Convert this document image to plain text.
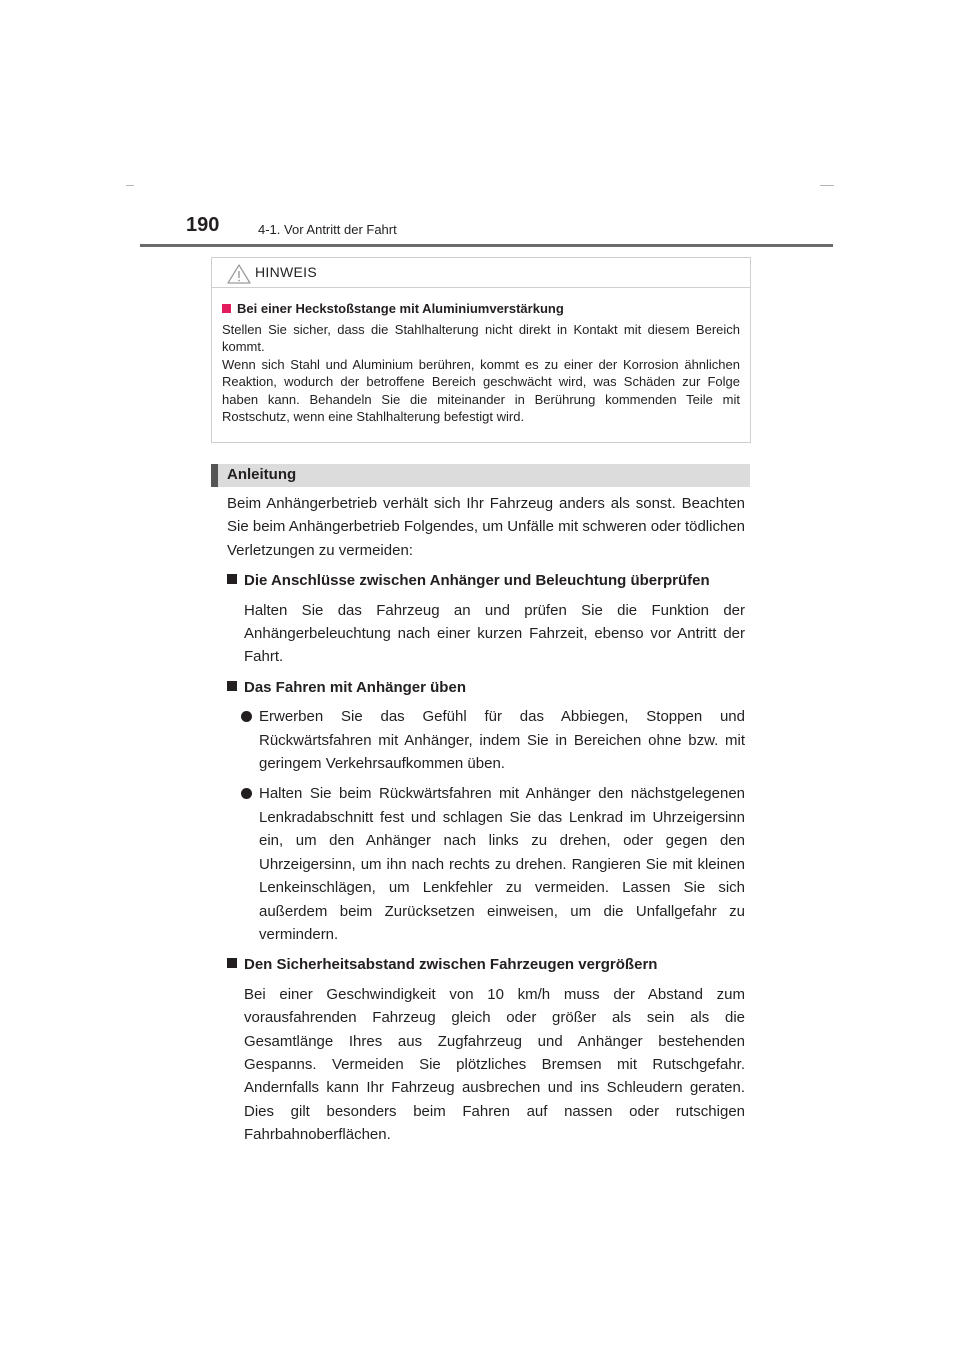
190	4-1. Vor Antritt der Fahrt
HINWEIS
Bei einer Heckstoßstange mit Aluminiumverstärkung
Stellen Sie sicher, dass die Stahlhalterung nicht direkt in Kontakt mit diesem Bereich kommt.
Wenn sich Stahl und Aluminium berühren, kommt es zu einer der Korrosion ähnlichen Reaktion, wodurch der betroffene Bereich geschwächt wird, was Schäden zur Folge haben kann. Behandeln Sie die miteinander in Berührung kommenden Teile mit Rostschutz, wenn eine Stahlhalterung befestigt wird.
Anleitung

Beim Anhängerbetrieb verhält sich Ihr Fahrzeug anders als sonst. Beachten Sie beim Anhängerbetrieb Folgendes, um Unfälle mit schweren oder tödlichen Verletzungen zu vermeiden:

Die Anschlüsse zwischen Anhänger und Beleuchtung überprüfen

Halten Sie das Fahrzeug an und prüfen Sie die Funktion der Anhängerbeleuchtung nach einer kurzen Fahrzeit, ebenso vor Antritt der Fahrt.

Das Fahren mit Anhänger üben

Erwerben Sie das Gefühl für das Abbiegen, Stoppen und Rückwärtsfahren mit Anhänger, indem Sie in Bereichen ohne bzw. mit geringem Verkehrsaufkommen üben.

Halten Sie beim Rückwärtsfahren mit Anhänger den nächstgelegenen Lenkradabschnitt fest und schlagen Sie das Lenkrad im Uhrzeigersinn ein, um den Anhänger nach links zu drehen, oder gegen den Uhrzeigersinn, um ihn nach rechts zu drehen. Rangieren Sie mit kleinen Lenkeinschlägen, um Lenkfehler zu vermeiden. Lassen Sie sich außerdem beim Zurücksetzen einweisen, um die Unfallgefahr zu vermindern.

Den Sicherheitsabstand zwischen Fahrzeugen vergrößern

Bei einer Geschwindigkeit von 10 km/h muss der Abstand zum vorausfahrenden Fahrzeug gleich oder größer als sein als die Gesamtlänge Ihres aus Zugfahrzeug und Anhänger bestehenden Gespanns. Vermeiden Sie plötzliches Bremsen mit Rutschgefahr. Andernfalls kann Ihr Fahrzeug ausbrechen und ins Schleudern geraten. Dies gilt besonders beim Fahren auf nassen oder rutschigen Fahrbahnoberflächen.
